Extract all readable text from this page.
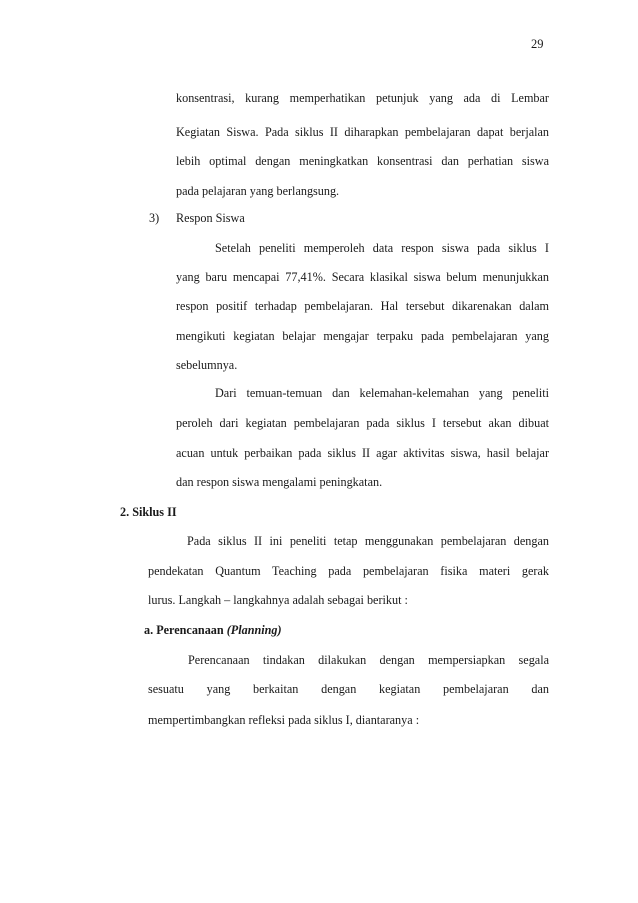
29
konsentrasi, kurang memperhatikan petunjuk yang ada di Lembar
Kegiatan Siswa. Pada siklus II diharapkan pembelajaran dapat berjalan
lebih optimal dengan meningkatkan konsentrasi dan perhatian siswa
pada pelajaran yang berlangsung.
3) Respon Siswa
Setelah peneliti memperoleh data respon siswa pada siklus I
yang baru mencapai 77,41%. Secara klasikal siswa belum menunjukkan
respon positif terhadap pembelajaran. Hal tersebut dikarenakan dalam
mengikuti kegiatan belajar mengajar terpaku pada pembelajaran yang
sebelumnya.
Dari temuan-temuan dan kelemahan-kelemahan yang peneliti
peroleh dari kegiatan pembelajaran pada siklus I tersebut akan dibuat
acuan untuk perbaikan pada siklus II agar aktivitas siswa, hasil belajar
dan respon siswa mengalami peningkatan.
2. Siklus II
Pada siklus II ini peneliti tetap menggunakan pembelajaran dengan
pendekatan Quantum Teaching pada pembelajaran fisika materi gerak
lurus. Langkah – langkahnya adalah sebagai berikut :
a. Perencanaan (Planning)
Perencanaan tindakan dilakukan dengan mempersiapkan segala
sesuatu yang berkaitan dengan kegiatan pembelajaran dan
mempertimbangkan refleksi pada siklus I, diantaranya :
